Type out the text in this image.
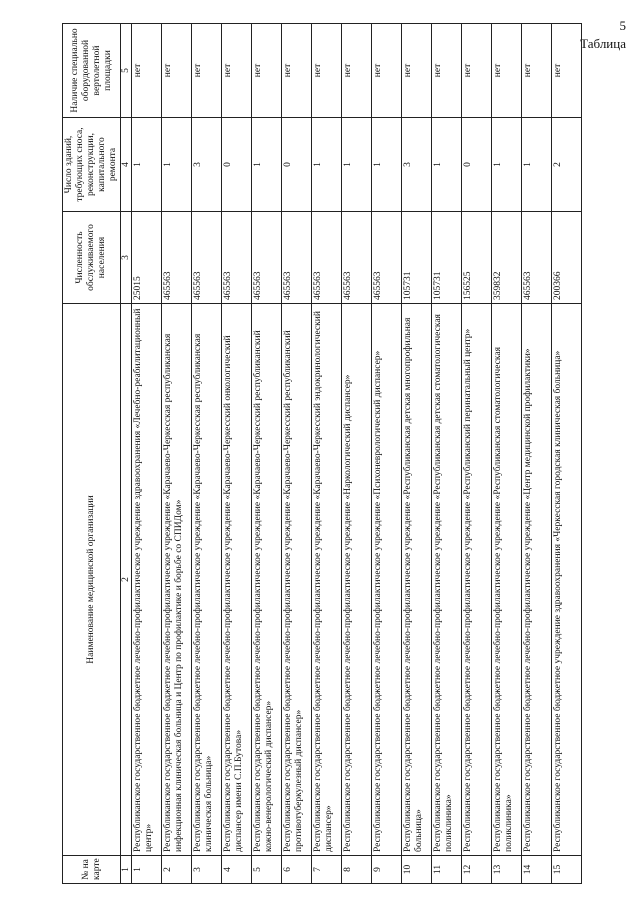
5
Таблица
№ на карте	Наименование медицинской организации	Численность обслуживаемого населения	Число зданий, требующих сноса, реконструкции, капитального ремонта	Наличие специально оборудованной вертолетной площадки
1	2	3	4	5
1	Республиканское государственное бюджетное лечебно-профилактическое учреждение здравоохранения «Лечебно-реабилитационный центр»	25015	1	нет
2	Республиканское государственное бюджетное лечебно-профилактическое учреждение «Карачаево-Черкесская республиканская инфекционная клиническая больница и Центр по профилактике и борьбе со СПИДом»	465563	1	нет
3	Республиканское государственное бюджетное лечебно-профилактическое учреждение «Карачаево-Черкесская республиканская клиническая больница»	465563	3	нет
4	Республиканское государственное бюджетное лечебно-профилактическое учреждение «Карачаево-Черкесский онкологический диспансер имени С.П.Бутова»	465563	0	нет
5	Республиканское государственное бюджетное лечебно-профилактическое учреждение «Карачаево-Черкесский республиканский кожно-венерологический диспансер»	465563	1	нет
6	Республиканское государственное бюджетное лечебно-профилактическое учреждение «Карачаево-Черкесский республиканский противотуберкулезный диспансер»	465563	0	нет
7	Республиканское государственное бюджетное лечебно-профилактическое учреждение «Карачаево-Черкесский эндокринологический диспансер»	465563	1	нет
8	Республиканское государственное бюджетное лечебно-профилактическое учреждение «Наркологический диспансер»	465563	1	нет
9	Республиканское государственное бюджетное лечебно-профилактическое учреждение «Психоневрологический диспансер»	465563	1	нет
10	Республиканское государственное бюджетное лечебно-профилактическое учреждение «Республиканская детская многопрофильная больница»	105731	3	нет
11	Республиканское государственное бюджетное лечебно-профилактическое учреждение «Республиканская детская стоматологическая поликлиника»	105731	1	нет
12	Республиканское государственное бюджетное лечебно-профилактическое учреждение «Республиканский перинатальный центр»	156525	0	нет
13	Республиканское государственное бюджетное лечебно-профилактическое учреждение «Республиканская стоматологическая поликлиника»	359832	1	нет
14	Республиканское государственное бюджетное лечебно-профилактическое учреждение «Центр медицинской профилактики»	465563	1	нет
15	Республиканское государственное бюджетное учреждение здравоохранения «Черкесская городская клиническая больница»	200366	2	нет
